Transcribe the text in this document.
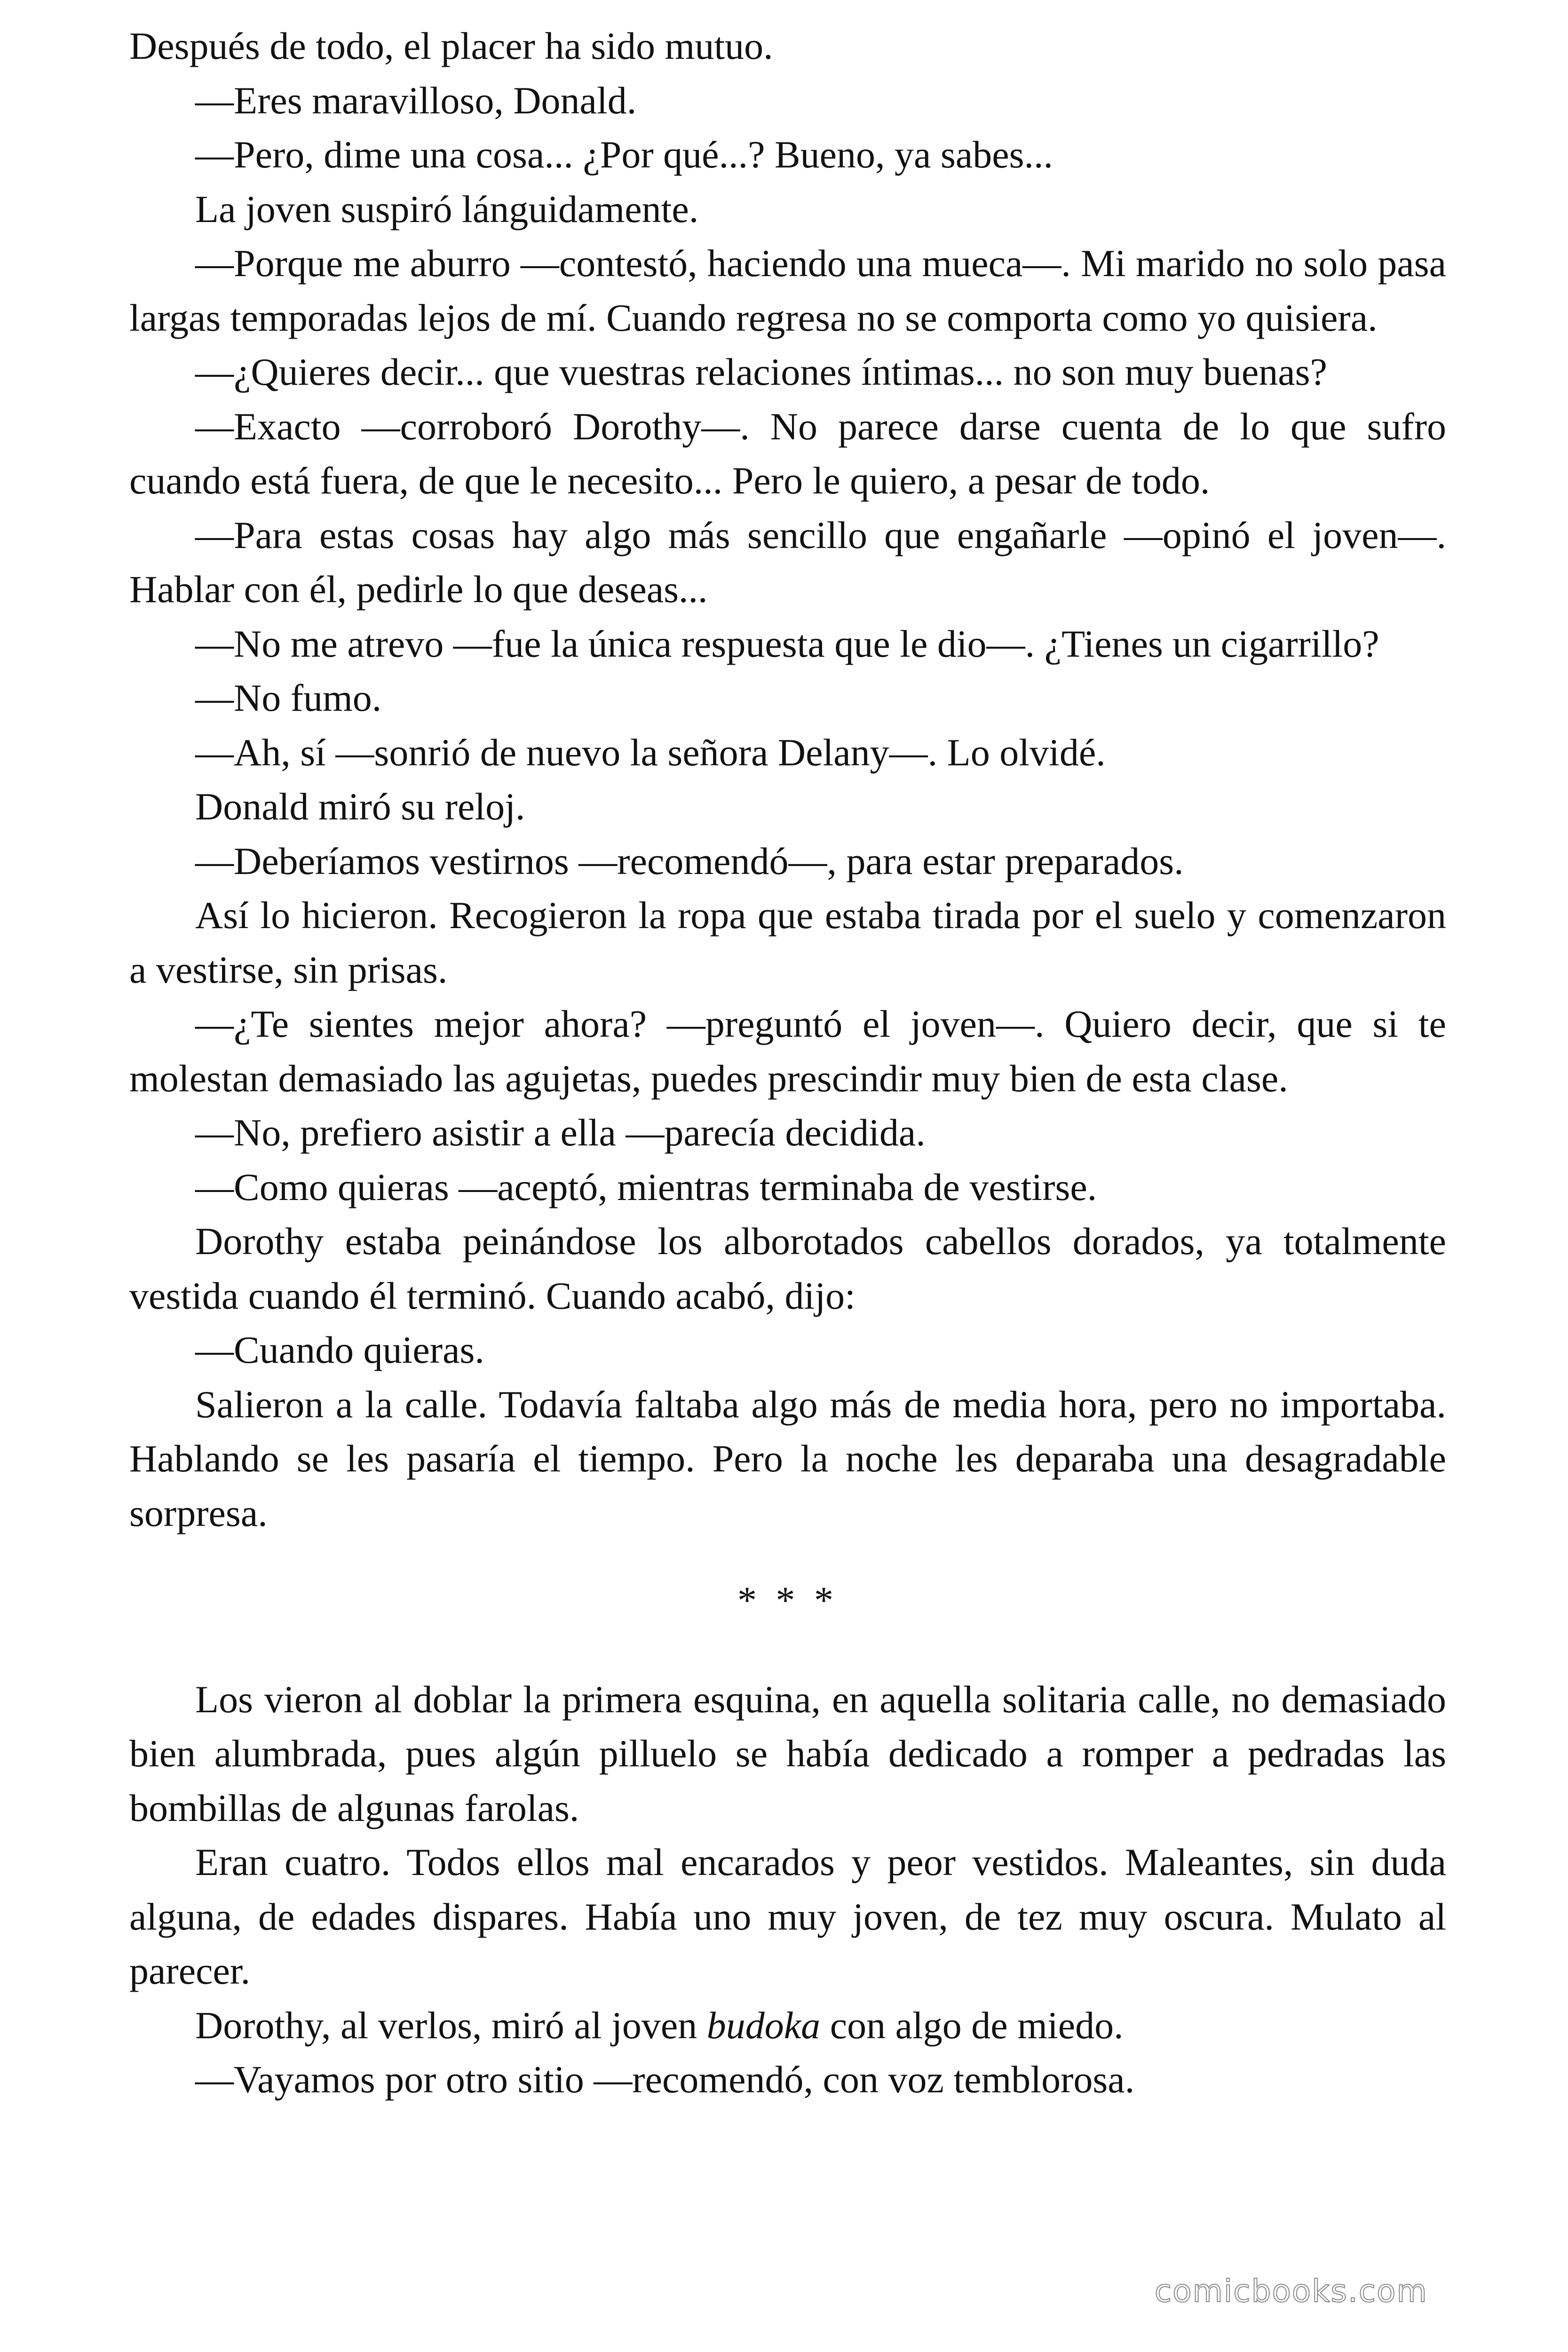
Después de todo, el placer ha sido mutuo.

—Eres maravilloso, Donald.

—Pero, dime una cosa... ¿Por qué...? Bueno, ya sabes...

La joven suspiró lánguidamente.

—Porque me aburro —contestó, haciendo una mueca—. Mi marido no solo pasa largas temporadas lejos de mí. Cuando regresa no se comporta como yo quisiera.

—¿Quieres decir... que vuestras relaciones íntimas... no son muy buenas?

—Exacto —corroboró Dorothy—. No parece darse cuenta de lo que sufro cuando está fuera, de que le necesito... Pero le quiero, a pesar de todo.

—Para estas cosas hay algo más sencillo que engañarle —opinó el joven—. Hablar con él, pedirle lo que deseas...

—No me atrevo —fue la única respuesta que le dio—. ¿Tienes un cigarrillo?

—No fumo.

—Ah, sí —sonrió de nuevo la señora Delany—. Lo olvidé.

Donald miró su reloj.

—Deberíamos vestirnos —recomendó—, para estar preparados.

Así lo hicieron. Recogieron la ropa que estaba tirada por el suelo y comenzaron a vestirse, sin prisas.

—¿Te sientes mejor ahora? —preguntó el joven—. Quiero decir, que si te molestan demasiado las agujetas, puedes prescindir muy bien de esta clase.

—No, prefiero asistir a ella —parecía decidida.

—Como quieras —aceptó, mientras terminaba de vestirse.

Dorothy estaba peinándose los alborotados cabellos dorados, ya totalmente vestida cuando él terminó. Cuando acabó, dijo:

—Cuando quieras.

Salieron a la calle. Todavía faltaba algo más de media hora, pero no importaba. Hablando se les pasaría el tiempo. Pero la noche les deparaba una desagradable sorpresa.

* * *

Los vieron al doblar la primera esquina, en aquella solitaria calle, no demasiado bien alumbrada, pues algún pilluelo se había dedicado a romper a pedradas las bombillas de algunas farolas.

Eran cuatro. Todos ellos mal encarados y peor vestidos. Maleantes, sin duda alguna, de edades dispares. Había uno muy joven, de tez muy oscura. Mulato al parecer.

Dorothy, al verlos, miró al joven budoka con algo de miedo.

—Vayamos por otro sitio —recomendó, con voz temblorosa.

comicbooks.com
